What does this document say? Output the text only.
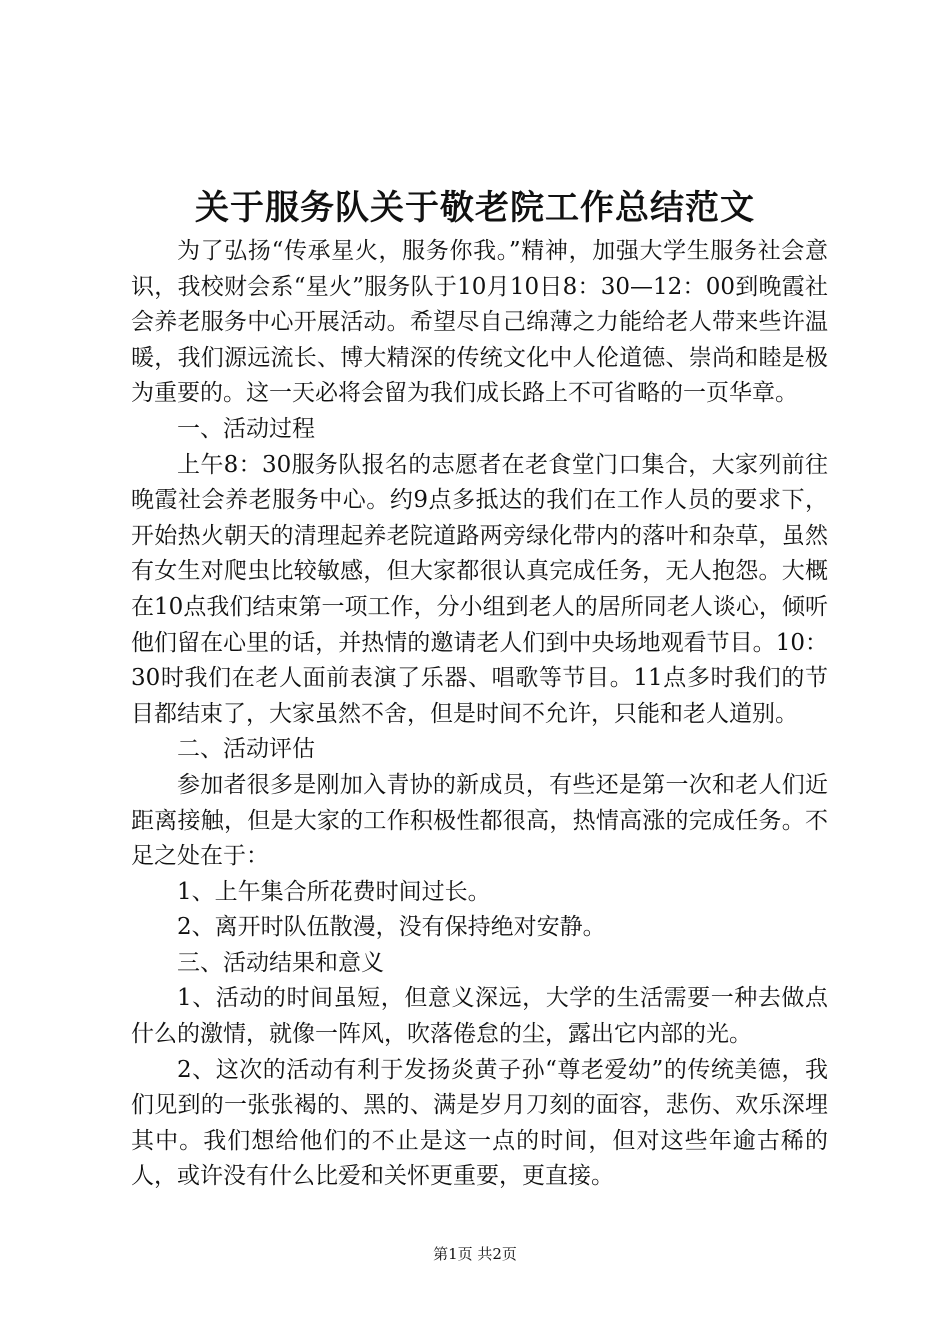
关于服务队关于敬老院工作总结范文

为了弘扬“传承星火，服务你我。”精神，加强大学生服务社会意识，我校财会系“星火”服务队于10月10日8：30—12：00到晚霞社会养老服务中心开展活动。希望尽自己绵薄之力能给老人带来些许温暖，我们源远流长、博大精深的传统文化中人伦道德、崇尚和睦是极为重要的。这一天必将会留为我们成长路上不可省略的一页华章。

一、活动过程

上午8：30服务队报名的志愿者在老食堂门口集合，大家列前往晚霞社会养老服务中心。约9点多抵达的我们在工作人员的要求下，开始热火朝天的清理起养老院道路两旁绿化带内的落叶和杂草，虽然有女生对爬虫比较敏感，但大家都很认真完成任务，无人抱怨。大概在10点我们结束第一项工作，分小组到老人的居所同老人谈心，倾听他们留在心里的话，并热情的邀请老人们到中央场地观看节目。10：30时我们在老人面前表演了乐器、唱歌等节目。11点多时我们的节目都结束了，大家虽然不舍，但是时间不允许，只能和老人道别。

二、活动评估

参加者很多是刚加入青协的新成员，有些还是第一次和老人们近距离接触，但是大家的工作积极性都很高，热情高涨的完成任务。不足之处在于：

1、上午集合所花费时间过长。

2、离开时队伍散漫，没有保持绝对安静。

三、活动结果和意义

1、活动的时间虽短，但意义深远，大学的生活需要一种去做点什么的激情，就像一阵风，吹落倦怠的尘，露出它内部的光。

2、这次的活动有利于发扬炎黄子孙“尊老爱幼”的传统美德，我们见到的一张张褐的、黑的、满是岁月刀刻的面容，悲伤、欢乐深埋其中。我们想给他们的不止是这一点的时间，但对这些年逾古稀的人，或许没有什么比爱和关怀更重要，更直接。

第1页 共2页
